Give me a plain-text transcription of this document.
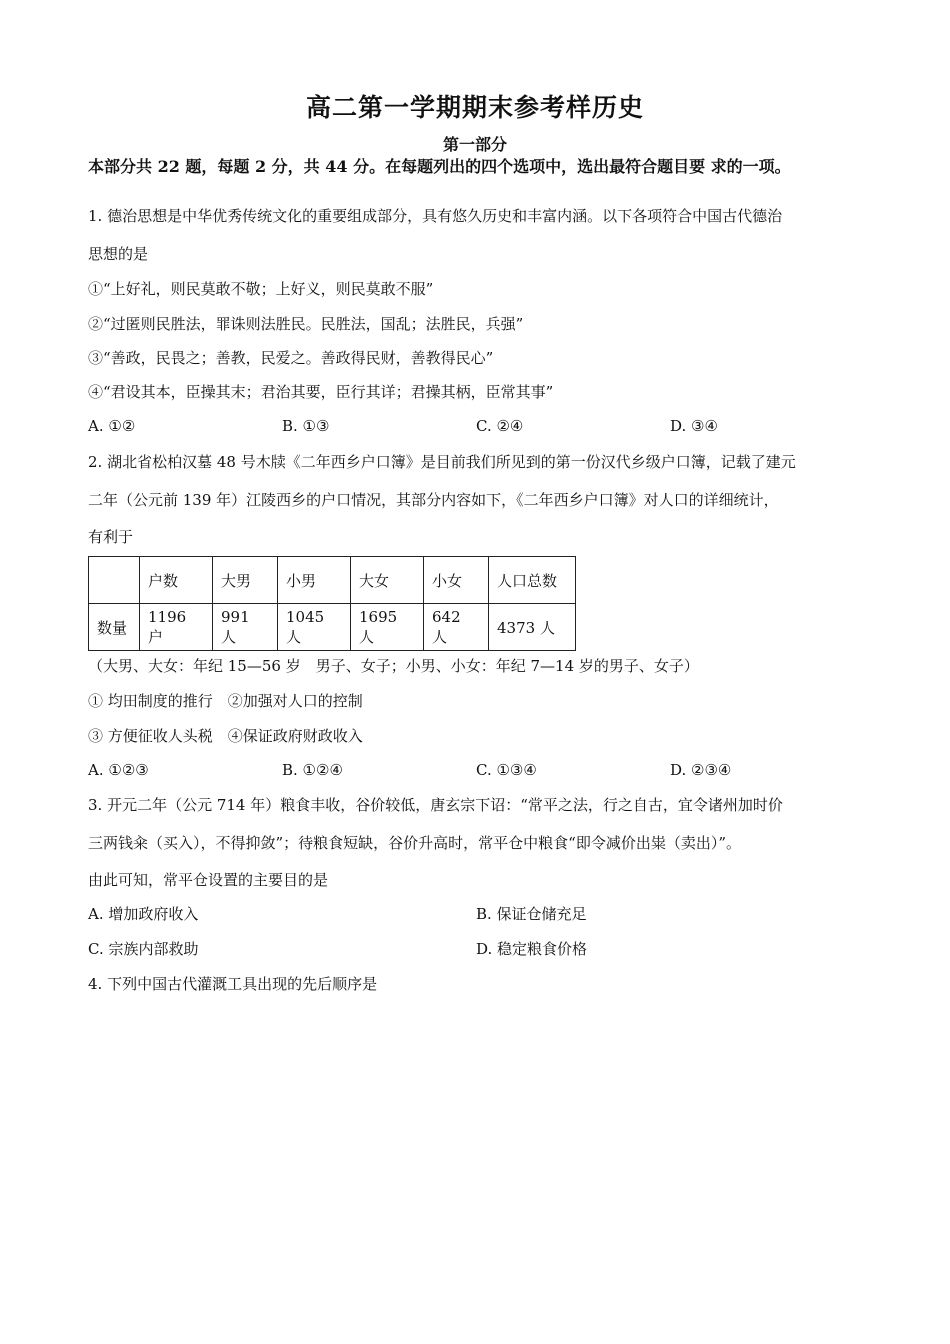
高二第一学期期末参考样历史
第一部分
本部分共 22 题，每题 2 分，共 44 分。在每题列出的四个选项中，选出最符合题目要 求的一项。
1. 德治思想是中华优秀传统文化的重要组成部分，具有悠久历史和丰富内涵。以下各项符合中国古代德治
思想的是
①“上好礼，则民莫敢不敬；上好义，则民莫敢不服”
②“过匿则民胜法，罪诛则法胜民。民胜法，国乱；法胜民，兵强”
③“善政，民畏之；善教，民爱之。善政得民财，善教得民心”
④“君设其本，臣操其末；君治其要，臣行其详；君操其柄，臣常其事”
A. ①②	B. ①③	C. ②④	D. ③④
2. 湖北省松柏汉墓 48 号木牍《二年西乡户口簿》是目前我们所见到的第一份汉代乡级户口簿，记载了建元
二年（公元前 139 年）江陵西乡的户口情况，其部分内容如下，《二年西乡户口簿》对人口的详细统计，
有利于
	户数	大男	小男	大女	小女	人口总数
数量	1196 户	991 人	1045 人	1695 人	642 人	4373 人
（大男、大女：年纪 15—56 岁　男子、女子；小男、小女：年纪 7—14 岁的男子、女子）
① 均田制度的推行　②加强对人口的控制
③ 方便征收人头税　④保证政府财政收入
A. ①②③	B. ①②④	C. ①③④	D. ②③④
3. 开元二年（公元 714 年）粮食丰收，谷价较低，唐玄宗下诏：“常平之法，行之自古，宜令诸州加时价
三两钱籴（买入），不得抑敛”；待粮食短缺，谷价升高时，常平仓中粮食“即令减价出粜（卖出）”。
由此可知，常平仓设置的主要目的是
A. 增加政府收入	B. 保证仓储充足
C. 宗族内部救助	D. 稳定粮食价格
4. 下列中国古代灌溉工具出现的先后顺序是
